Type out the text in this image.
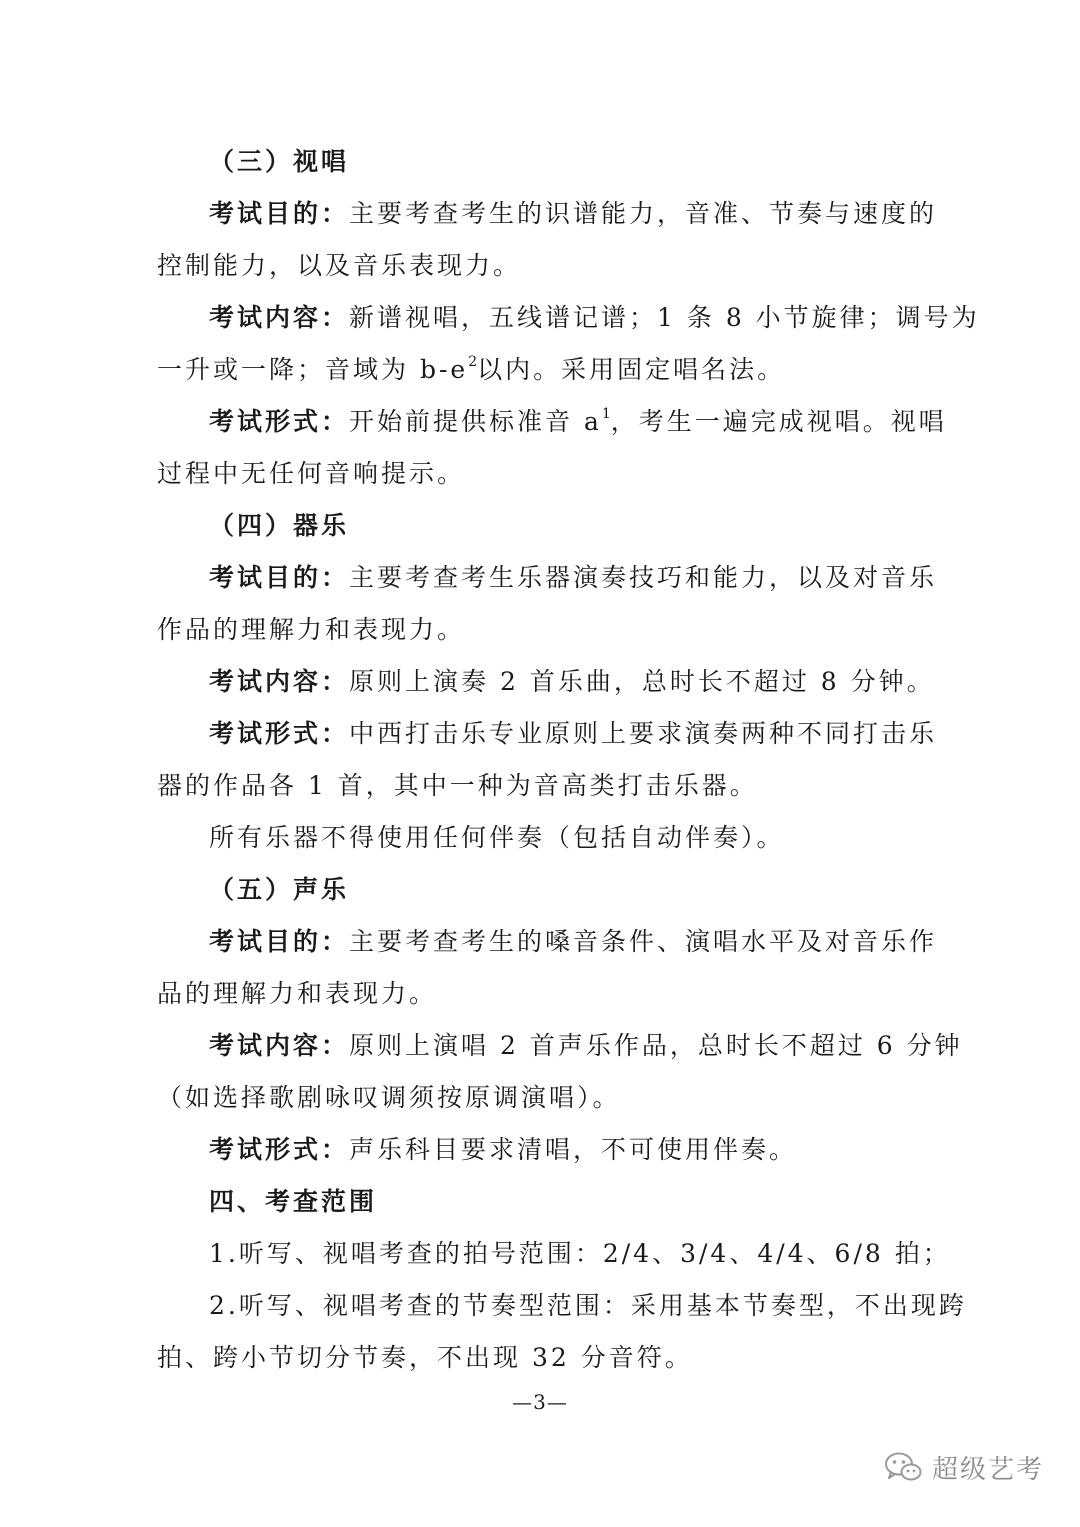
（三）视唱
考试目的：主要考查考生的识谱能力，音准、节奏与速度的
控制能力，以及音乐表现力。
考试内容：新谱视唱，五线谱记谱；1 条 8 小节旋律；调号为
一升或一降；音域为 $b-e^2$以内。采用固定唱名法。
考试形式：开始前提供标准音 $a^1$，考生一遍完成视唱。视唱
过程中无任何音响提示。
（四）器乐
考试目的：主要考查考生乐器演奏技巧和能力，以及对音乐
作品的理解力和表现力。
考试内容：原则上演奏 2 首乐曲，总时长不超过 8 分钟。
考试形式：中西打击乐专业原则上要求演奏两种不同打击乐
器的作品各 1 首，其中一种为音高类打击乐器。
所有乐器不得使用任何伴奏（包括自动伴奏）。
（五）声乐
考试目的：主要考查考生的嗓音条件、演唱水平及对音乐作
品的理解力和表现力。
考试内容：原则上演唱 2 首声乐作品，总时长不超过 6 分钟
（如选择歌剧咏叹调须按原调演唱）。
考试形式：声乐科目要求清唱，不可使用伴奏。
四、考查范围
1.听写、视唱考查的拍号范围：2/4、3/4、4/4、6/8 拍；
2.听写、视唱考查的节奏型范围：采用基本节奏型，不出现跨
拍、跨小节切分节奏，不出现 32 分音符。
—3—
超级艺考
